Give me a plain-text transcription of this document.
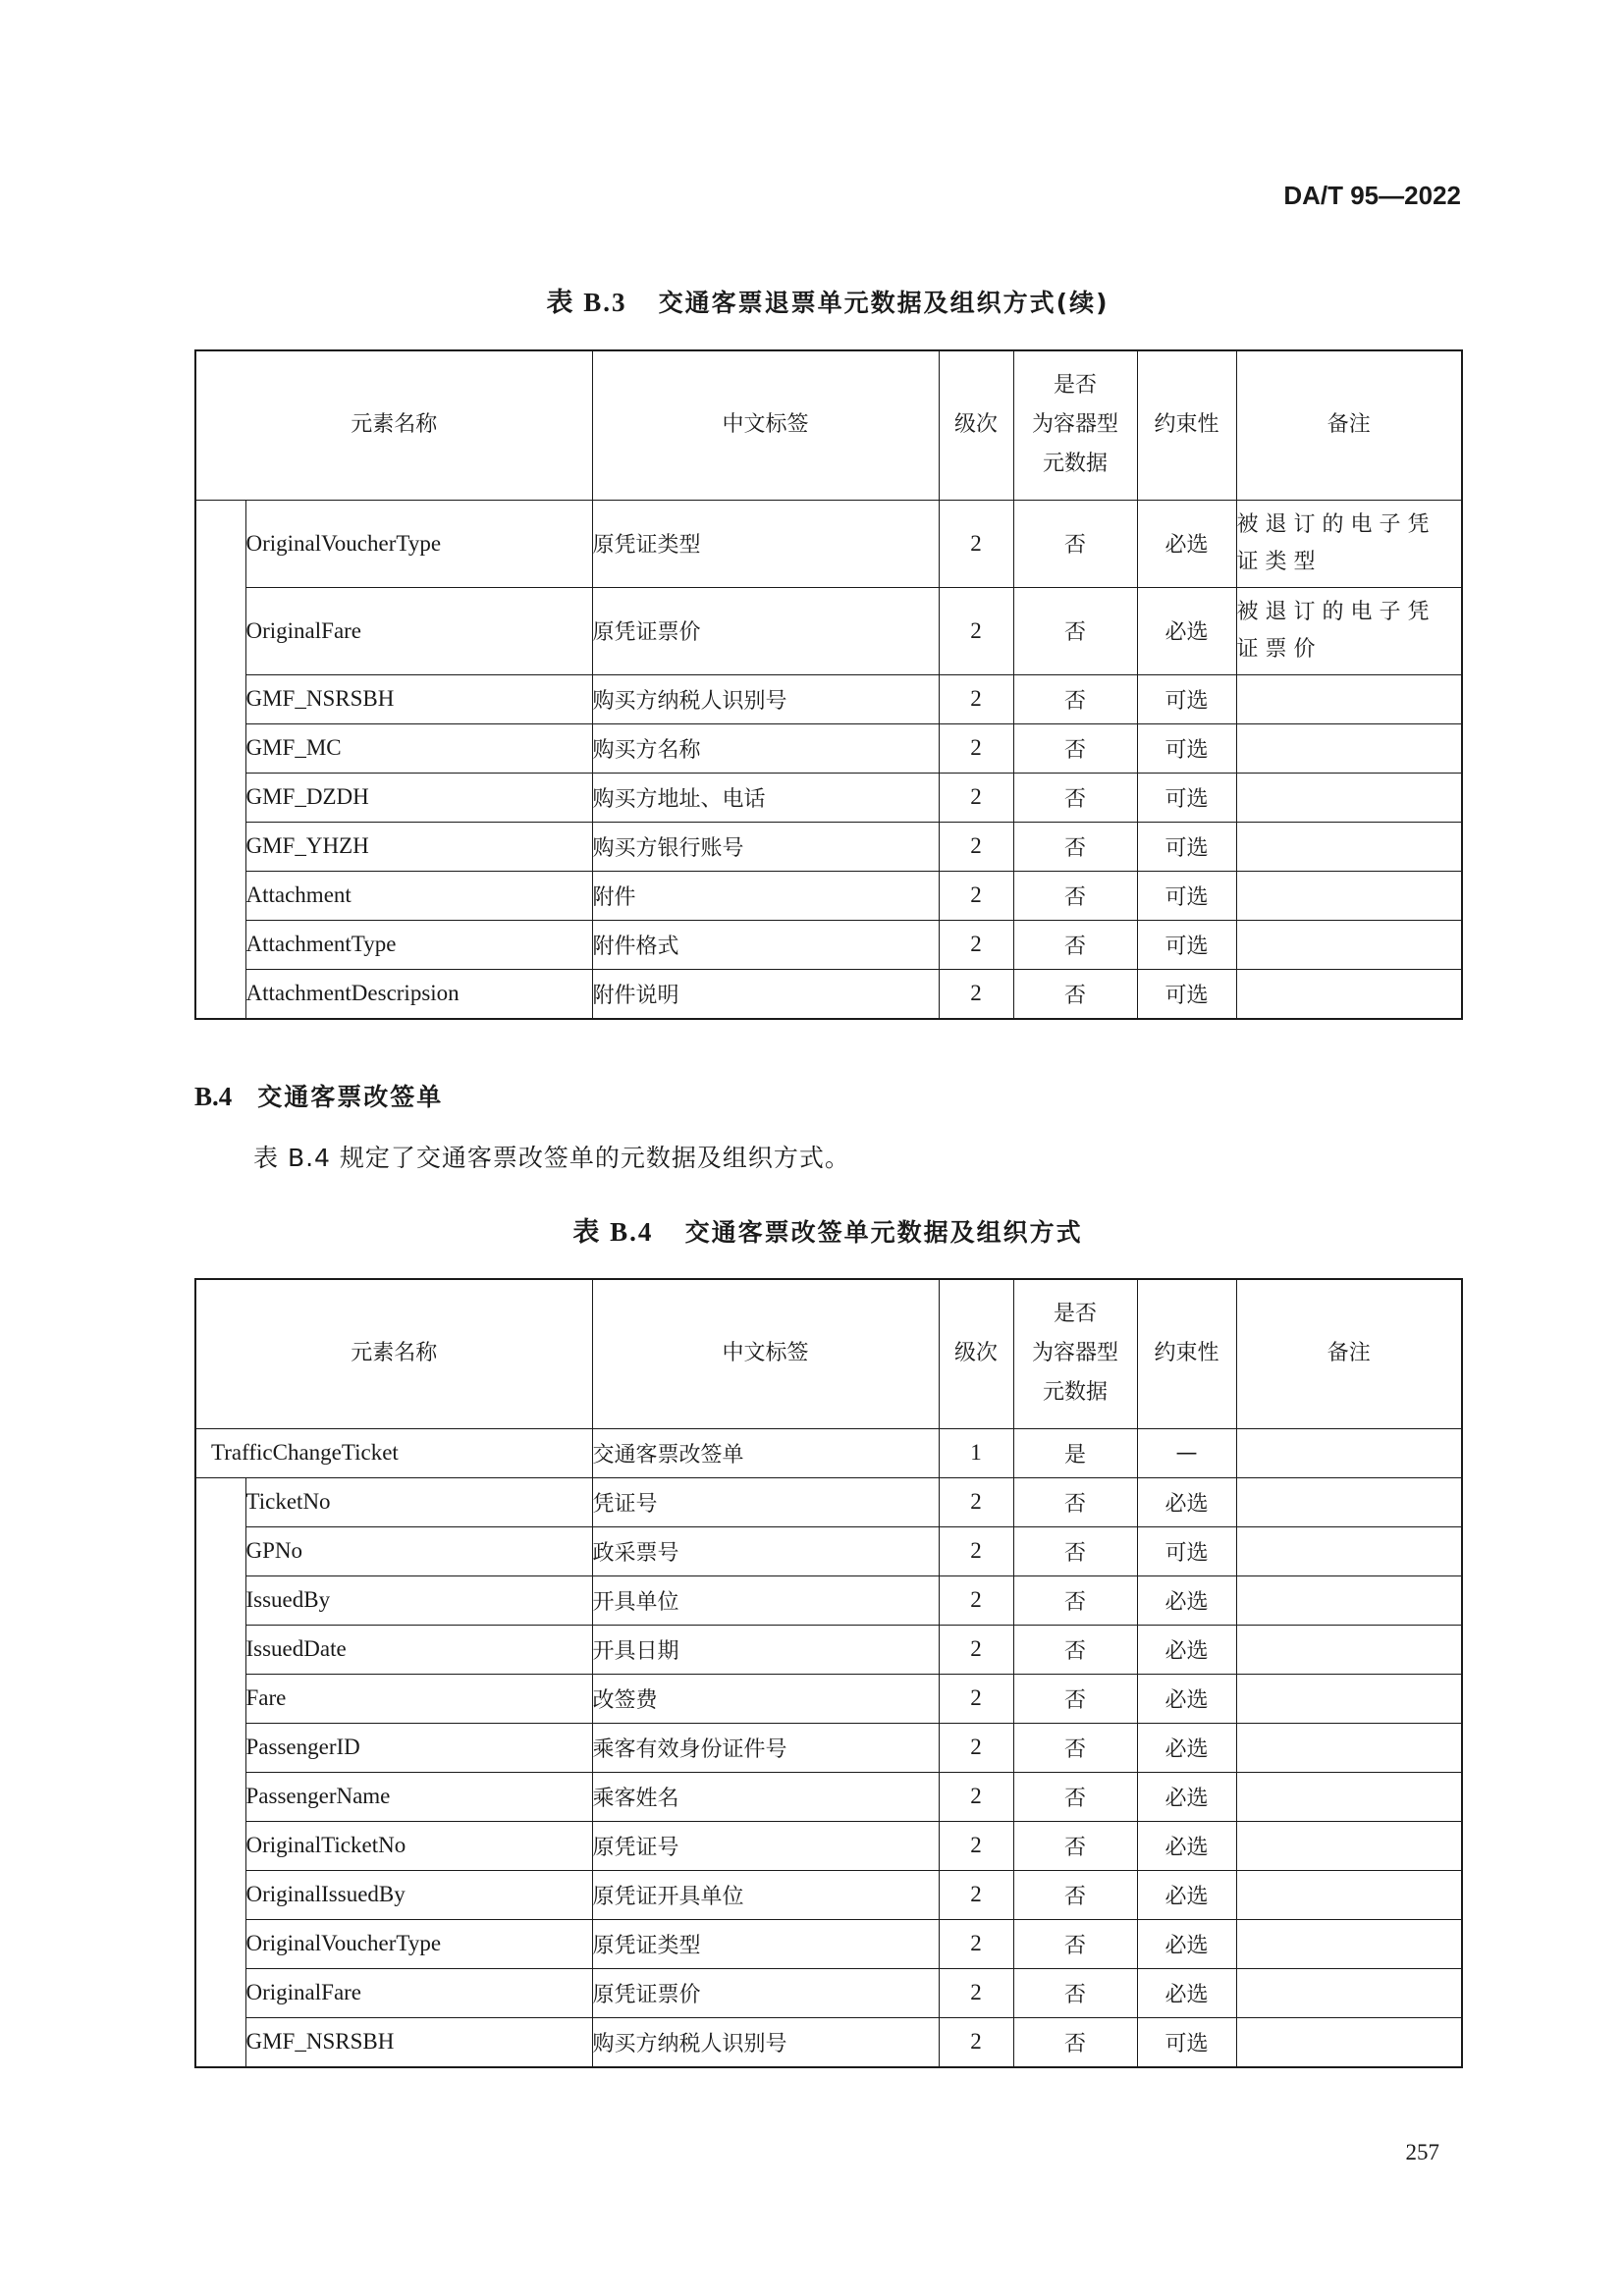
DA/T 95—2022
表 B.3 交通客票退票单元数据及组织方式(续)
元素名称		中文标签	级次	是否
为容器型
元数据	约束性	备注
	OriginalVoucherType	原凭证类型	2	否	必选	被退订的电子凭证类型
	OriginalFare	原凭证票价	2	否	必选	被退订的电子凭证票价
	GMF_NSRSBH	购买方纳税人识别号	2	否	可选	
	GMF_MC	购买方名称	2	否	可选	
	GMF_DZDH	购买方地址、电话	2	否	可选	
	GMF_YHZH	购买方银行账号	2	否	可选	
	Attachment	附件	2	否	可选	
	AttachmentType	附件格式	2	否	可选	
	AttachmentDescripsion	附件说明	2	否	可选	
B.4 交通客票改签单
表 B.4 规定了交通客票改签单的元数据及组织方式。
表 B.4 交通客票改签单元数据及组织方式
元素名称		中文标签	级次	是否
为容器型
元数据	约束性	备注
TrafficChangeTicket		交通客票改签单	1	是	—	
	TicketNo	凭证号	2	否	必选	
	GPNo	政采票号	2	否	可选	
	IssuedBy	开具单位	2	否	必选	
	IssuedDate	开具日期	2	否	必选	
	Fare	改签费	2	否	必选	
	PassengerID	乘客有效身份证件号	2	否	必选	
	PassengerName	乘客姓名	2	否	必选	
	OriginalTicketNo	原凭证号	2	否	必选	
	OriginalIssuedBy	原凭证开具单位	2	否	必选	
	OriginalVoucherType	原凭证类型	2	否	必选	
	OriginalFare	原凭证票价	2	否	必选	
	GMF_NSRSBH	购买方纳税人识别号	2	否	可选	
257
